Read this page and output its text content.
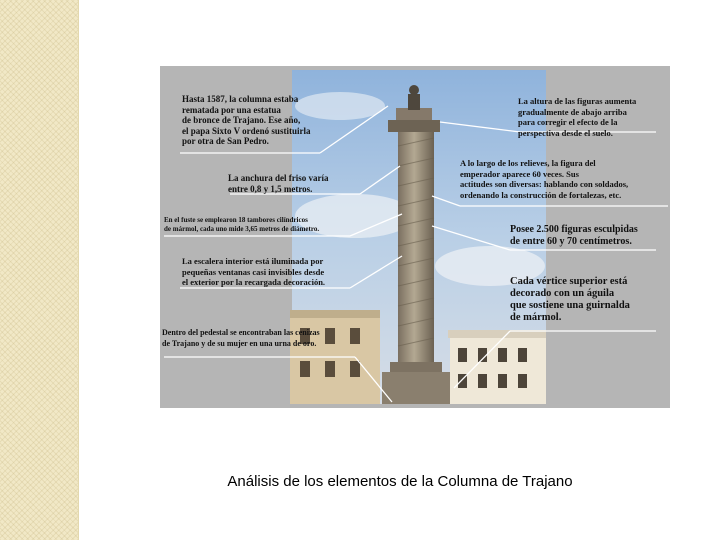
Hasta 1587, la columna estaba
rematada por una estatua
de bronce de Trajano. Ese año,
el papa Sixto V ordenó sustituirla
por otra de San Pedro.
La anchura del friso varía
entre 0,8 y 1,5 metros.
En el fuste se emplearon 18 tambores cilíndricos
de mármol, cada uno mide 3,65 metros de diámetro.
La escalera interior está iluminada por
pequeñas ventanas casi invisibles desde
el exterior por la recargada decoración.
Dentro del pedestal se encontraban las cenizas
de Trajano y de su mujer en una urna de oro.
La altura de las figuras aumenta
gradualmente de abajo arriba
para corregir el efecto de la
perspectiva desde el suelo.
A lo largo de los relieves, la figura del
emperador aparece 60 veces. Sus
actitudes son diversas: hablando con soldados,
ordenando la construcción de fortalezas, etc.
Posee 2.500 figuras esculpidas
de entre 60 y 70 centímetros.
Cada vértice superior está
decorado con un águila
que sostiene una guirnalda
de mármol.
Análisis de los elementos de la Columna de Trajano
